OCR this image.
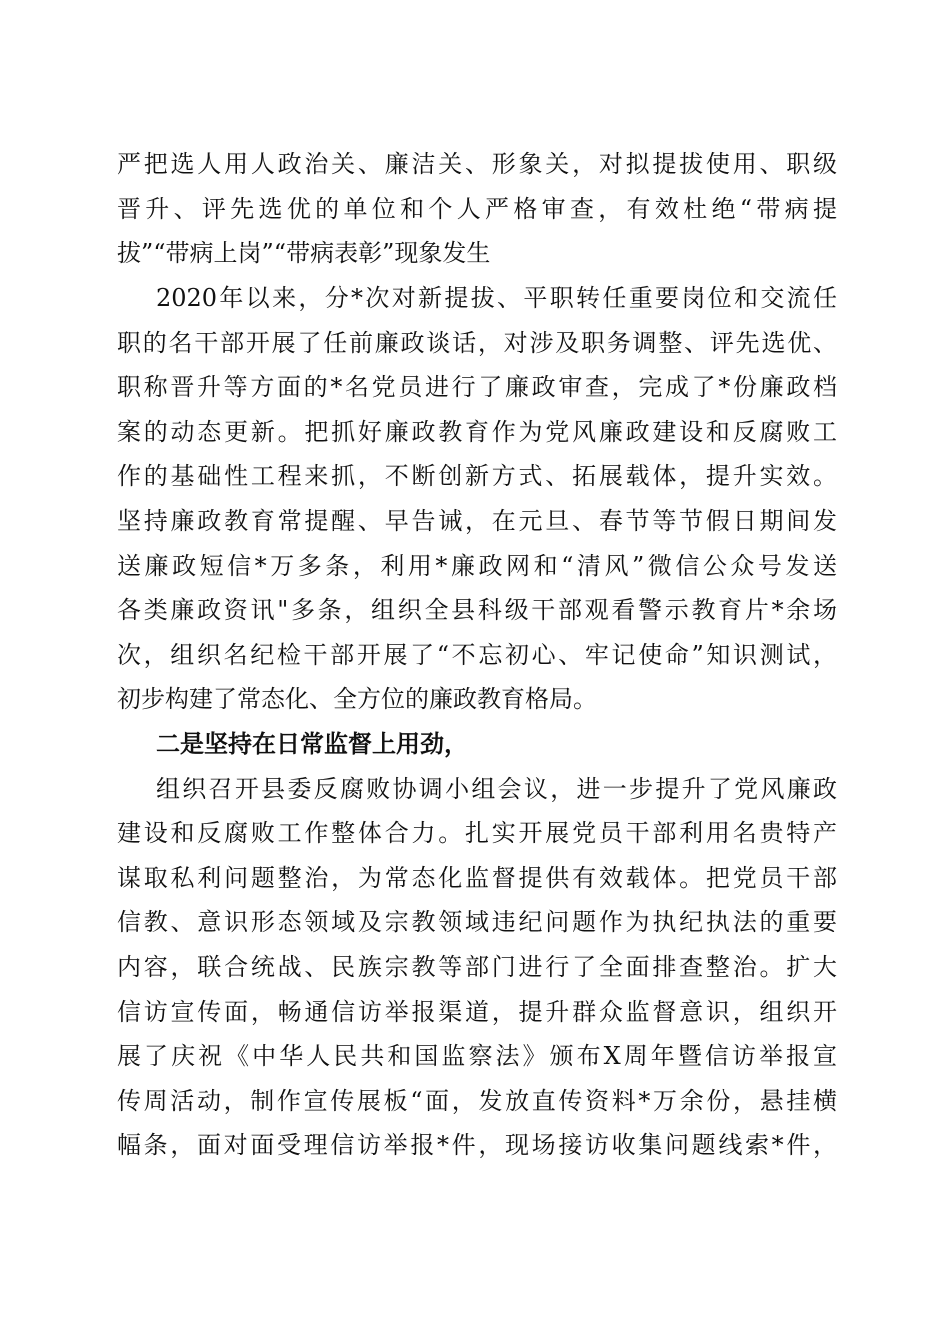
严把选人用人政治关、廉洁关、形象关，对拟提拔使用、职级
晋升、评先选优的单位和个人严格审查，有效杜绝“带病提
拔”“带病上岗”“带病表彰”现象发生
2020年以来，分*次对新提拔、平职转任重要岗位和交流任
职的名干部开展了任前廉政谈话，对涉及职务调整、评先选优、
职称晋升等方面的*名党员进行了廉政审查，完成了*份廉政档
案的动态更新。把抓好廉政教育作为党风廉政建设和反腐败工
作的基础性工程来抓，不断创新方式、拓展载体，提升实效。
坚持廉政教育常提醒、早告诫，在元旦、春节等节假日期间发
送廉政短信*万多条，利用*廉政网和“清风”微信公众号发送
各类廉政资讯"多条，组织全县科级干部观看警示教育片*余场
次，组织名纪检干部开展了“不忘初心、牢记使命”知识测试，
初步构建了常态化、全方位的廉政教育格局。
二是坚持在日常监督上用劲，
组织召开县委反腐败协调小组会议，进一步提升了党风廉政
建设和反腐败工作整体合力。扎实开展党员干部利用名贵特产
谋取私利问题整治，为常态化监督提供有效载体。把党员干部
信教、意识形态领域及宗教领域违纪问题作为执纪执法的重要
内容，联合统战、民族宗教等部门进行了全面排查整治。扩大
信访宣传面，畅通信访举报渠道，提升群众监督意识，组织开
展了庆祝《中华人民共和国监察法》颁布X周年暨信访举报宣
传周活动，制作宣传展板“面，发放直传资料*万余份，悬挂横
幅条，面对面受理信访举报*件，现场接访收集问题线索*件，
